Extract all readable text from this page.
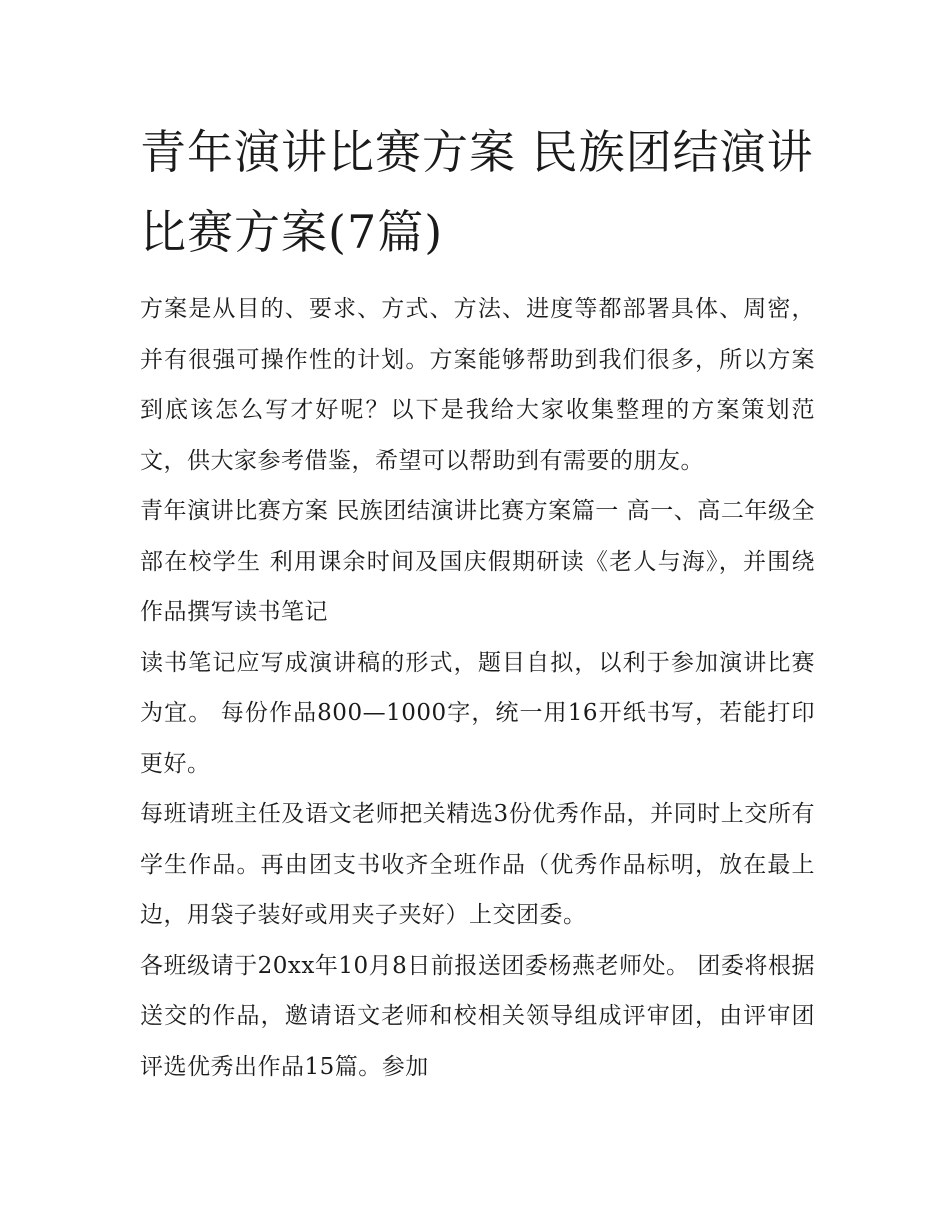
青年演讲比赛方案 民族团结演讲比赛方案(7篇)

方案是从目的、要求、方式、方法、进度等都部署具体、周密，并有很强可操作性的计划。方案能够帮助到我们很多，所以方案到底该怎么写才好呢？以下是我给大家收集整理的方案策划范文，供大家参考借鉴，希望可以帮助到有需要的朋友。

青年演讲比赛方案 民族团结演讲比赛方案篇一 高一、高二年级全部在校学生 利用课余时间及国庆假期研读《老人与海》，并围绕作品撰写读书笔记

读书笔记应写成演讲稿的形式，题目自拟，以利于参加演讲比赛为宜。 每份作品800—1000字，统一用16开纸书写，若能打印更好。

每班请班主任及语文老师把关精选3份优秀作品，并同时上交所有学生作品。再由团支书收齐全班作品（优秀作品标明，放在最上边，用袋子装好或用夹子夹好）上交团委。

各班级请于20xx年10月8日前报送团委杨燕老师处。 团委将根据送交的作品，邀请语文老师和校相关领导组成评审团，由评审团评选优秀出作品15篇。参加
